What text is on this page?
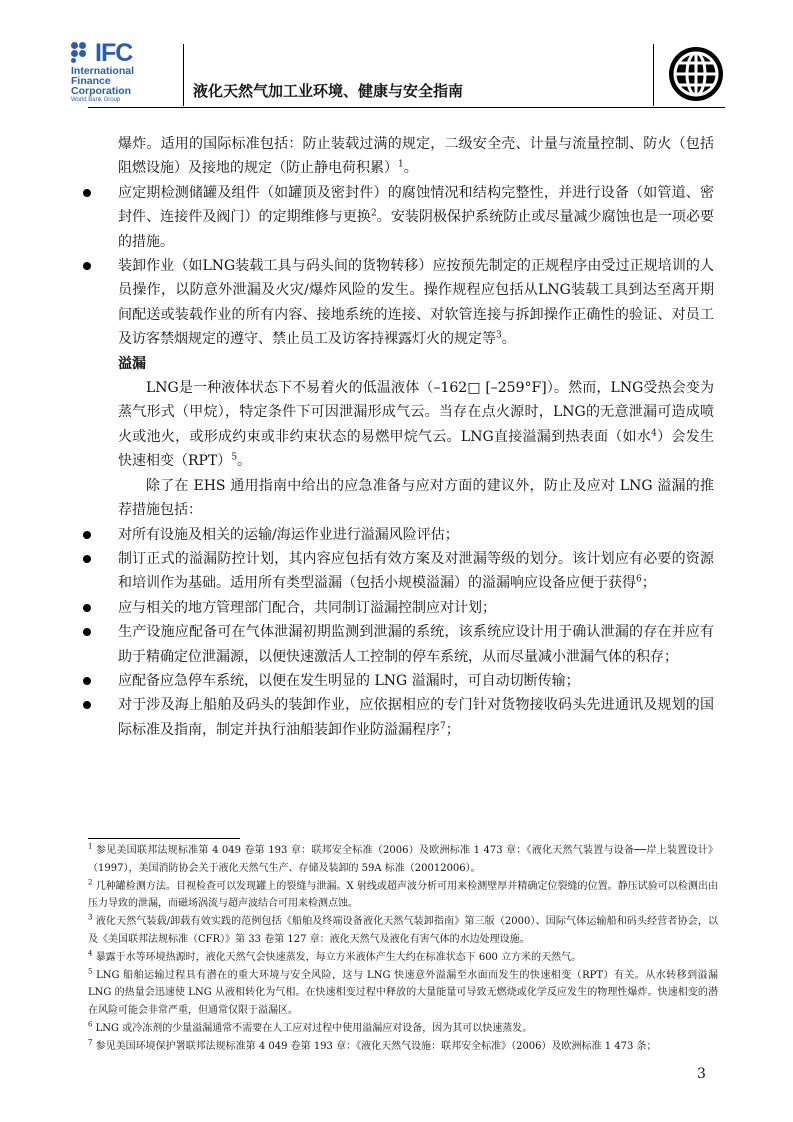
IFC
International
Finance
Corporation
World Bank Group	液化天然气加工业环境、健康与安全指南

爆炸。适用的国际标准包括：防止装载过满的规定，二级安全壳、计量与流量控制、防火（包括阻燃设施）及接地的规定（防止静电荷积累）$^1$。

应定期检测储罐及组件（如罐顶及密封件）的腐蚀情况和结构完整性，并进行设备（如管道、密封件、连接件及阀门）的定期维修与更换$^2$。安装阴极保护系统防止或尽量减少腐蚀也是一项必要的措施。

装卸作业（如LNG装载工具与码头间的货物转移）应按预先制定的正规程序由受过正规培训的人员操作，以防意外泄漏及火灾/爆炸风险的发生。操作规程应包括从LNG装载工具到达至离开期间配送或装载作业的所有内容、接地系统的连接、对软管连接与拆卸操作正确性的验证、对员工及访客禁烟规定的遵守、禁止员工及访客持裸露灯火的规定等$^3$。

溢漏

LNG是一种液体状态下不易着火的低温液体（–162□ [–259°F]）。然而，LNG受热会变为蒸气形式（甲烷），特定条件下可因泄漏形成气云。当存在点火源时，LNG的无意泄漏可造成喷火或池火，或形成约束或非约束状态的易燃甲烷气云。LNG直接溢漏到热表面（如水$^4$）会发生快速相变（RPT）$^5$。

除了在 EHS 通用指南中给出的应急准备与应对方面的建议外，防止及应对 LNG 溢漏的推荐措施包括：

对所有设施及相关的运输/海运作业进行溢漏风险评估；

制订正式的溢漏防控计划，其内容应包括有效方案及对泄漏等级的划分。该计划应有必要的资源和培训作为基础。适用所有类型溢漏（包括小规模溢漏）的溢漏响应设备应便于获得$^6$；

应与相关的地方管理部门配合，共同制订溢漏控制应对计划；

生产设施应配备可在气体泄漏初期监测到泄漏的系统，该系统应设计用于确认泄漏的存在并应有助于精确定位泄漏源，以便快速激活人工控制的停车系统，从而尽量减小泄漏气体的积存；

应配备应急停车系统，以便在发生明显的 LNG 溢漏时，可自动切断传输；

对于涉及海上船舶及码头的装卸作业，应依据相应的专门针对货物接收码头先进通讯及规划的国际标准及指南，制定并执行油船装卸作业防溢漏程序$^7$；

$^1$ 参见美国联邦法规标准第 4 049 卷第 193 章：联邦安全标准（2006）及欧洲标准 1 473 章：《液化天然气装置与设备──岸上装置设计》（1997），美国消防协会关于液化天然气生产、存储及装卸的 59A 标准（20012006）。
$^2$ 几种罐检测方法。目视检查可以发现罐上的裂缝与泄漏。X 射线或超声波分析可用来检测壁厚并精确定位裂缝的位置。静压试验可以检测出由压力导致的泄漏，而磁场涡流与超声波结合可用来检测点蚀。
$^3$ 液化天然气装载/卸载有效实践的范例包括《船舶及终端设备液化天然气装卸指南》第三版（2000）、国际气体运输船和码头经营者协会，以及《美国联邦法规标准（CFR）》第 33 卷第 127 章：液化天然气及液化有害气体的水边处理设施。
$^4$ 暴露于水等环境热源时，液化天然气会快速蒸发，每立方米液体产生大约在标准状态下 600 立方米的天然气。
$^5$ LNG 船舶运输过程具有潜在的重大环境与安全风险，这与 LNG 快速意外溢漏至水面而发生的快速相变（RPT）有关。从水转移到溢漏 LNG 的热量会迅速使 LNG 从液相转化为气相。在快速相变过程中释放的大量能量可导致无燃烧或化学反应发生的物理性爆炸。快速相变的潜在风险可能会非常严重，但通常仅限于溢漏区。
$^6$ LNG 或冷冻剂的少量溢漏通常不需要在人工应对过程中使用溢漏应对设备，因为其可以快速蒸发。
$^7$ 参见美国环境保护署联邦法规标准第 4 049 卷第 193 章：《液化天然气设施：联邦安全标准》（2006）及欧洲标准 1 473 条；
3
